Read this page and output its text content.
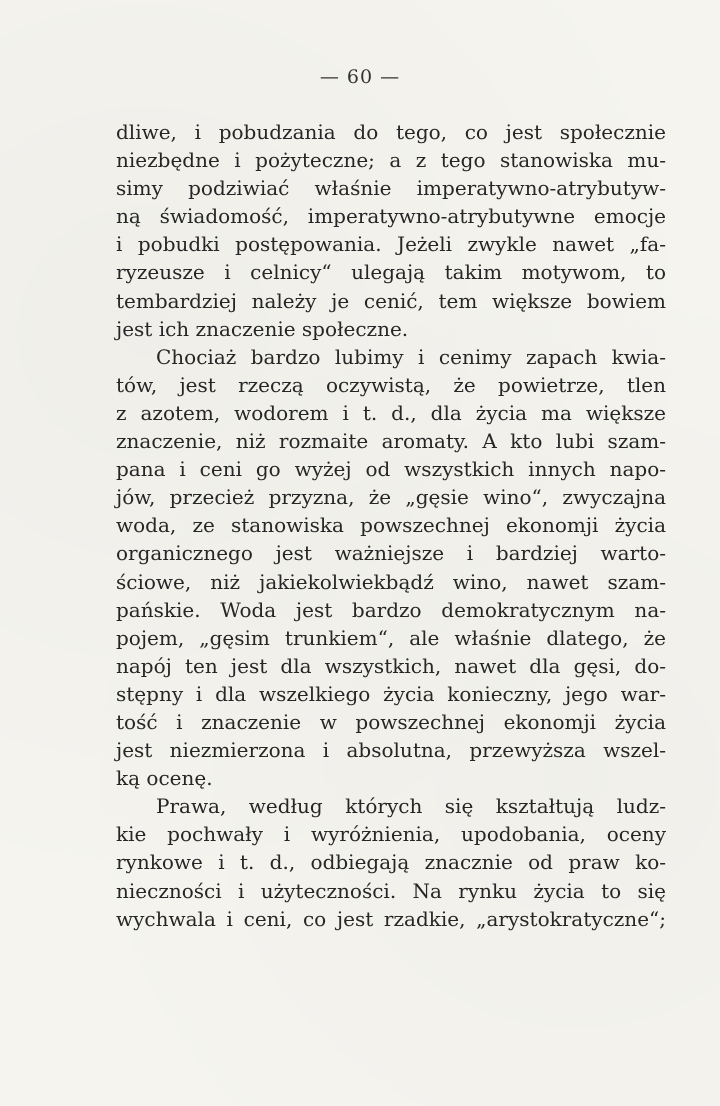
— 60 —
dliwe, i pobudzania do tego, co jest społecznie
niezbędne i pożyteczne; a z tego stanowiska mu-
simy podziwiać właśnie imperatywno-atrybutyw-
ną świadomość, imperatywno-atrybutywne emocje
i pobudki postępowania. Jeżeli zwykle nawet „fa-
ryzeusze i celnicy“ ulegają takim motywom, to
tembardziej należy je cenić, tem większe bowiem
jest ich znaczenie społeczne.
Chociaż bardzo lubimy i cenimy zapach kwia-
tów, jest rzeczą oczywistą, że powietrze, tlen
z azotem, wodorem i t. d., dla życia ma większe
znaczenie, niż rozmaite aromaty. A kto lubi szam-
pana i ceni go wyżej od wszystkich innych napo-
jów, przecież przyzna, że „gęsie wino“, zwyczajna
woda, ze stanowiska powszechnej ekonomji życia
organicznego jest ważniejsze i bardziej warto-
ściowe, niż jakiekolwiekbądź wino, nawet szam-
pańskie. Woda jest bardzo demokratycznym na-
pojem, „gęsim trunkiem“, ale właśnie dlatego, że
napój ten jest dla wszystkich, nawet dla gęsi, do-
stępny i dla wszelkiego życia konieczny, jego war-
tość i znaczenie w powszechnej ekonomji życia
jest niezmierzona i absolutna, przewyższa wszel-
ką ocenę.
Prawa, według których się kształtują ludz-
kie pochwały i wyróżnienia, upodobania, oceny
rynkowe i t. d., odbiegają znacznie od praw ko-
nieczności i użyteczności. Na rynku życia to się
wychwala i ceni, co jest rzadkie, „arystokratyczne“;
